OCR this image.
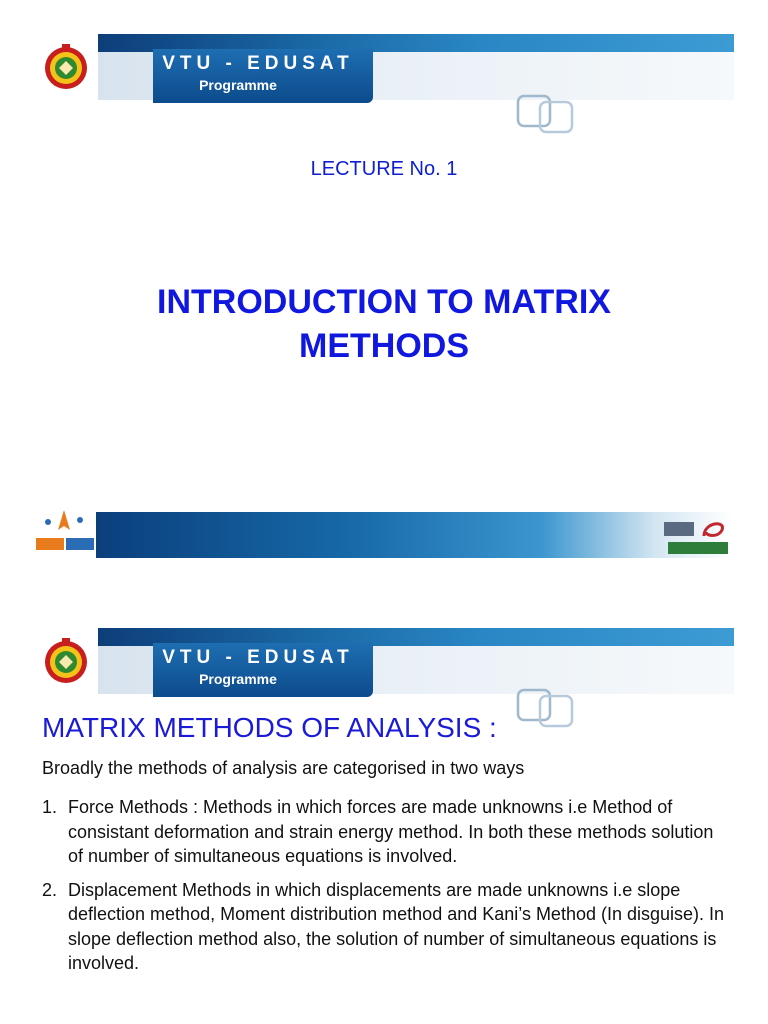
VTU - EDUSAT
Programme
LECTURE No. 1
INTRODUCTION TO MATRIX
METHODS
VTU - EDUSAT
Programme
MATRIX METHODS OF ANALYSIS :
Broadly the methods of analysis are categorised in two ways
1. Force Methods : Methods in which forces are made unknowns i.e Method of consistant deformation and strain energy method. In both these methods solution of number of simultaneous equations is involved.
2. Displacement Methods in which displacements are made unknowns i.e slope deflection method, Moment distribution method and Kani’s Method (In disguise). In slope deflection method also, the solution of number of simultaneous equations is involved.
